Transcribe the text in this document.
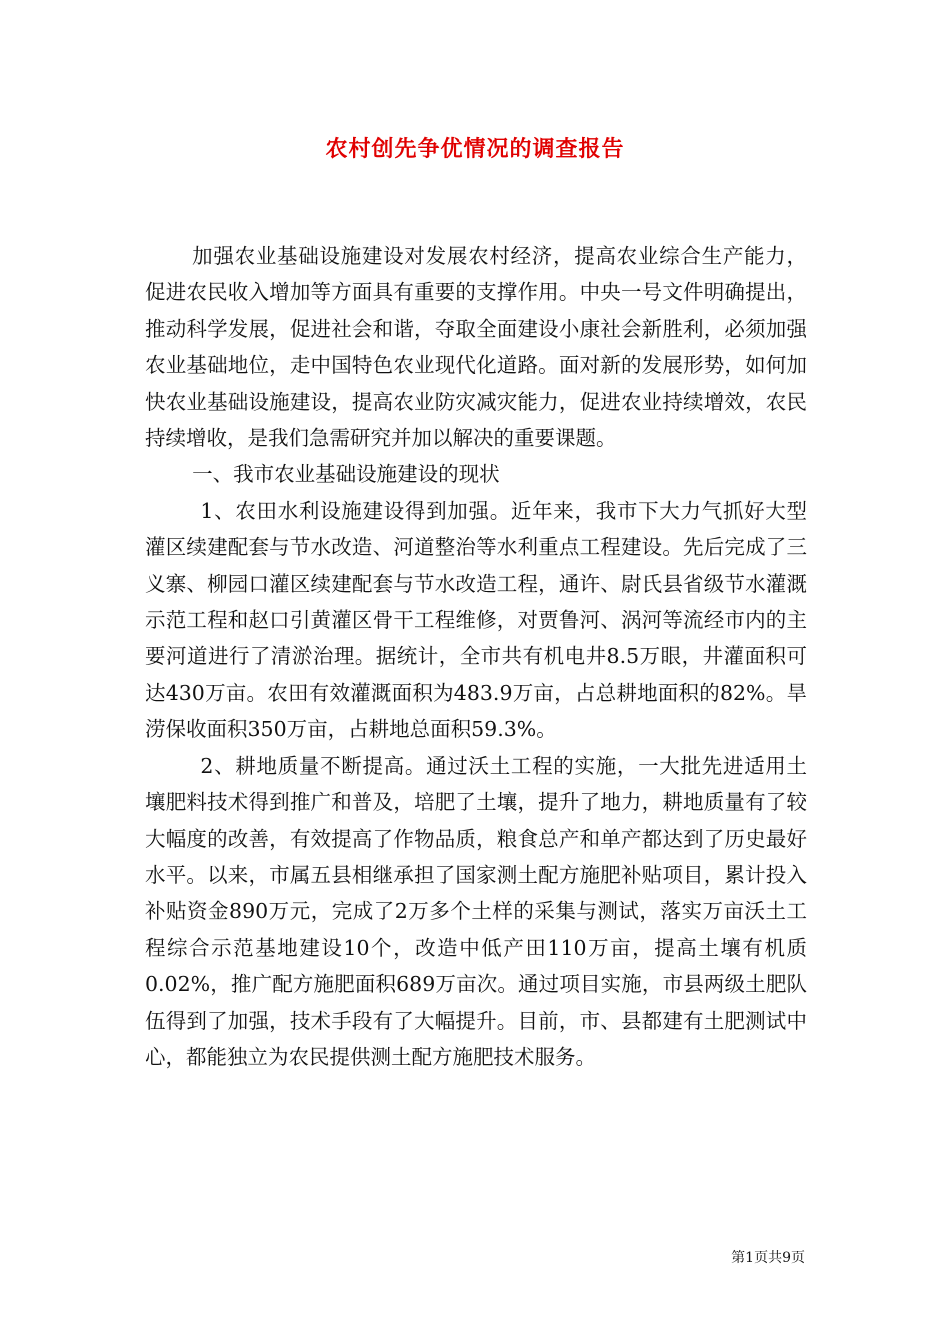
农村创先争优情况的调查报告

加强农业基础设施建设对发展农村经济，提高农业综合生产能力，促进农民收入增加等方面具有重要的支撑作用。中央一号文件明确提出，推动科学发展，促进社会和谐，夺取全面建设小康社会新胜利，必须加强农业基础地位，走中国特色农业现代化道路。面对新的发展形势，如何加快农业基础设施建设，提高农业防灾减灾能力，促进农业持续增效，农民持续增收，是我们急需研究并加以解决的重要课题。

一、我市农业基础设施建设的现状

1、农田水利设施建设得到加强。近年来，我市下大力气抓好大型灌区续建配套与节水改造、河道整治等水利重点工程建设。先后完成了三义寨、柳园口灌区续建配套与节水改造工程，通许、尉氏县省级节水灌溉示范工程和赵口引黄灌区骨干工程维修，对贾鲁河、涡河等流经市内的主要河道进行了清淤治理。据统计，全市共有机电井8.5万眼，井灌面积可达430万亩。农田有效灌溉面积为483.9万亩，占总耕地面积的82%。旱涝保收面积350万亩，占耕地总面积59.3%。

2、耕地质量不断提高。通过沃土工程的实施，一大批先进适用土壤肥料技术得到推广和普及，培肥了土壤，提升了地力，耕地质量有了较大幅度的改善，有效提高了作物品质，粮食总产和单产都达到了历史最好水平。以来，市属五县相继承担了国家测土配方施肥补贴项目，累计投入补贴资金890万元，完成了2万多个土样的采集与测试，落实万亩沃土工程综合示范基地建设10个，改造中低产田110万亩，提高土壤有机质0.02%，推广配方施肥面积689万亩次。通过项目实施，市县两级土肥队伍得到了加强，技术手段有了大幅提升。目前，市、县都建有土肥测试中心，都能独立为农民提供测土配方施肥技术服务。

第1页共9页
